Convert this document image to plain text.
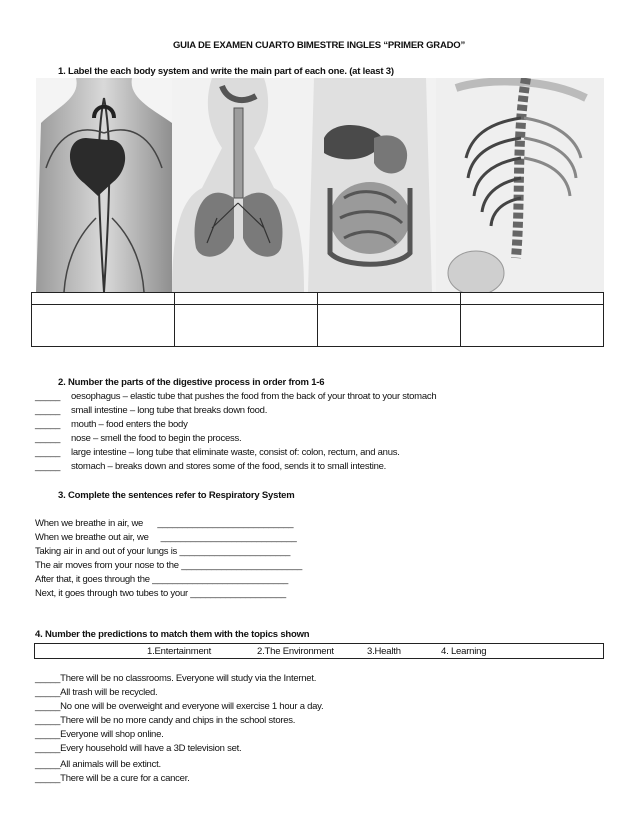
GUIA DE EXAMEN CUARTO BIMESTRE INGLES “PRIMER GRADO”
1. Label the each body system and write the main part of each one. (at least 3)

2. Number the parts of the digestive process in order from 1-6
_____ oesophagus – elastic tube that pushes the food from the back of your throat to your stomach
_____ small intestine – long tube that breaks down food.
_____ mouth – food enters the body
_____ nose – smell the food to begin the process.
_____ large intestine – long tube that eliminate waste, consist of: colon, rectum, and anus.
_____ stomach – breaks down and stores some of the food, sends it to small intestine.
3. Complete the sentences refer to Respiratory System
When we breathe in air, we      ___________________________
When we breathe out air, we     ___________________________
Taking air in and out of your lungs is ______________________
The air moves from your nose to the ________________________
After that, it goes through the ___________________________
Next, it goes through two tubes to your ___________________
4. Number the predictions to match them with the topics shown
1.Entertainment	2.The Environment	3.Health	4. Learning
_____There will be no classrooms. Everyone will study via the Internet.
_____All trash will be recycled.
_____No one will be overweight and everyone will exercise 1 hour a day.
_____There will be no more candy and chips in the school stores.
_____Everyone will shop online.
_____Every household will have a 3D television set.
_____All animals will be extinct.
_____There will be a cure for a cancer.
